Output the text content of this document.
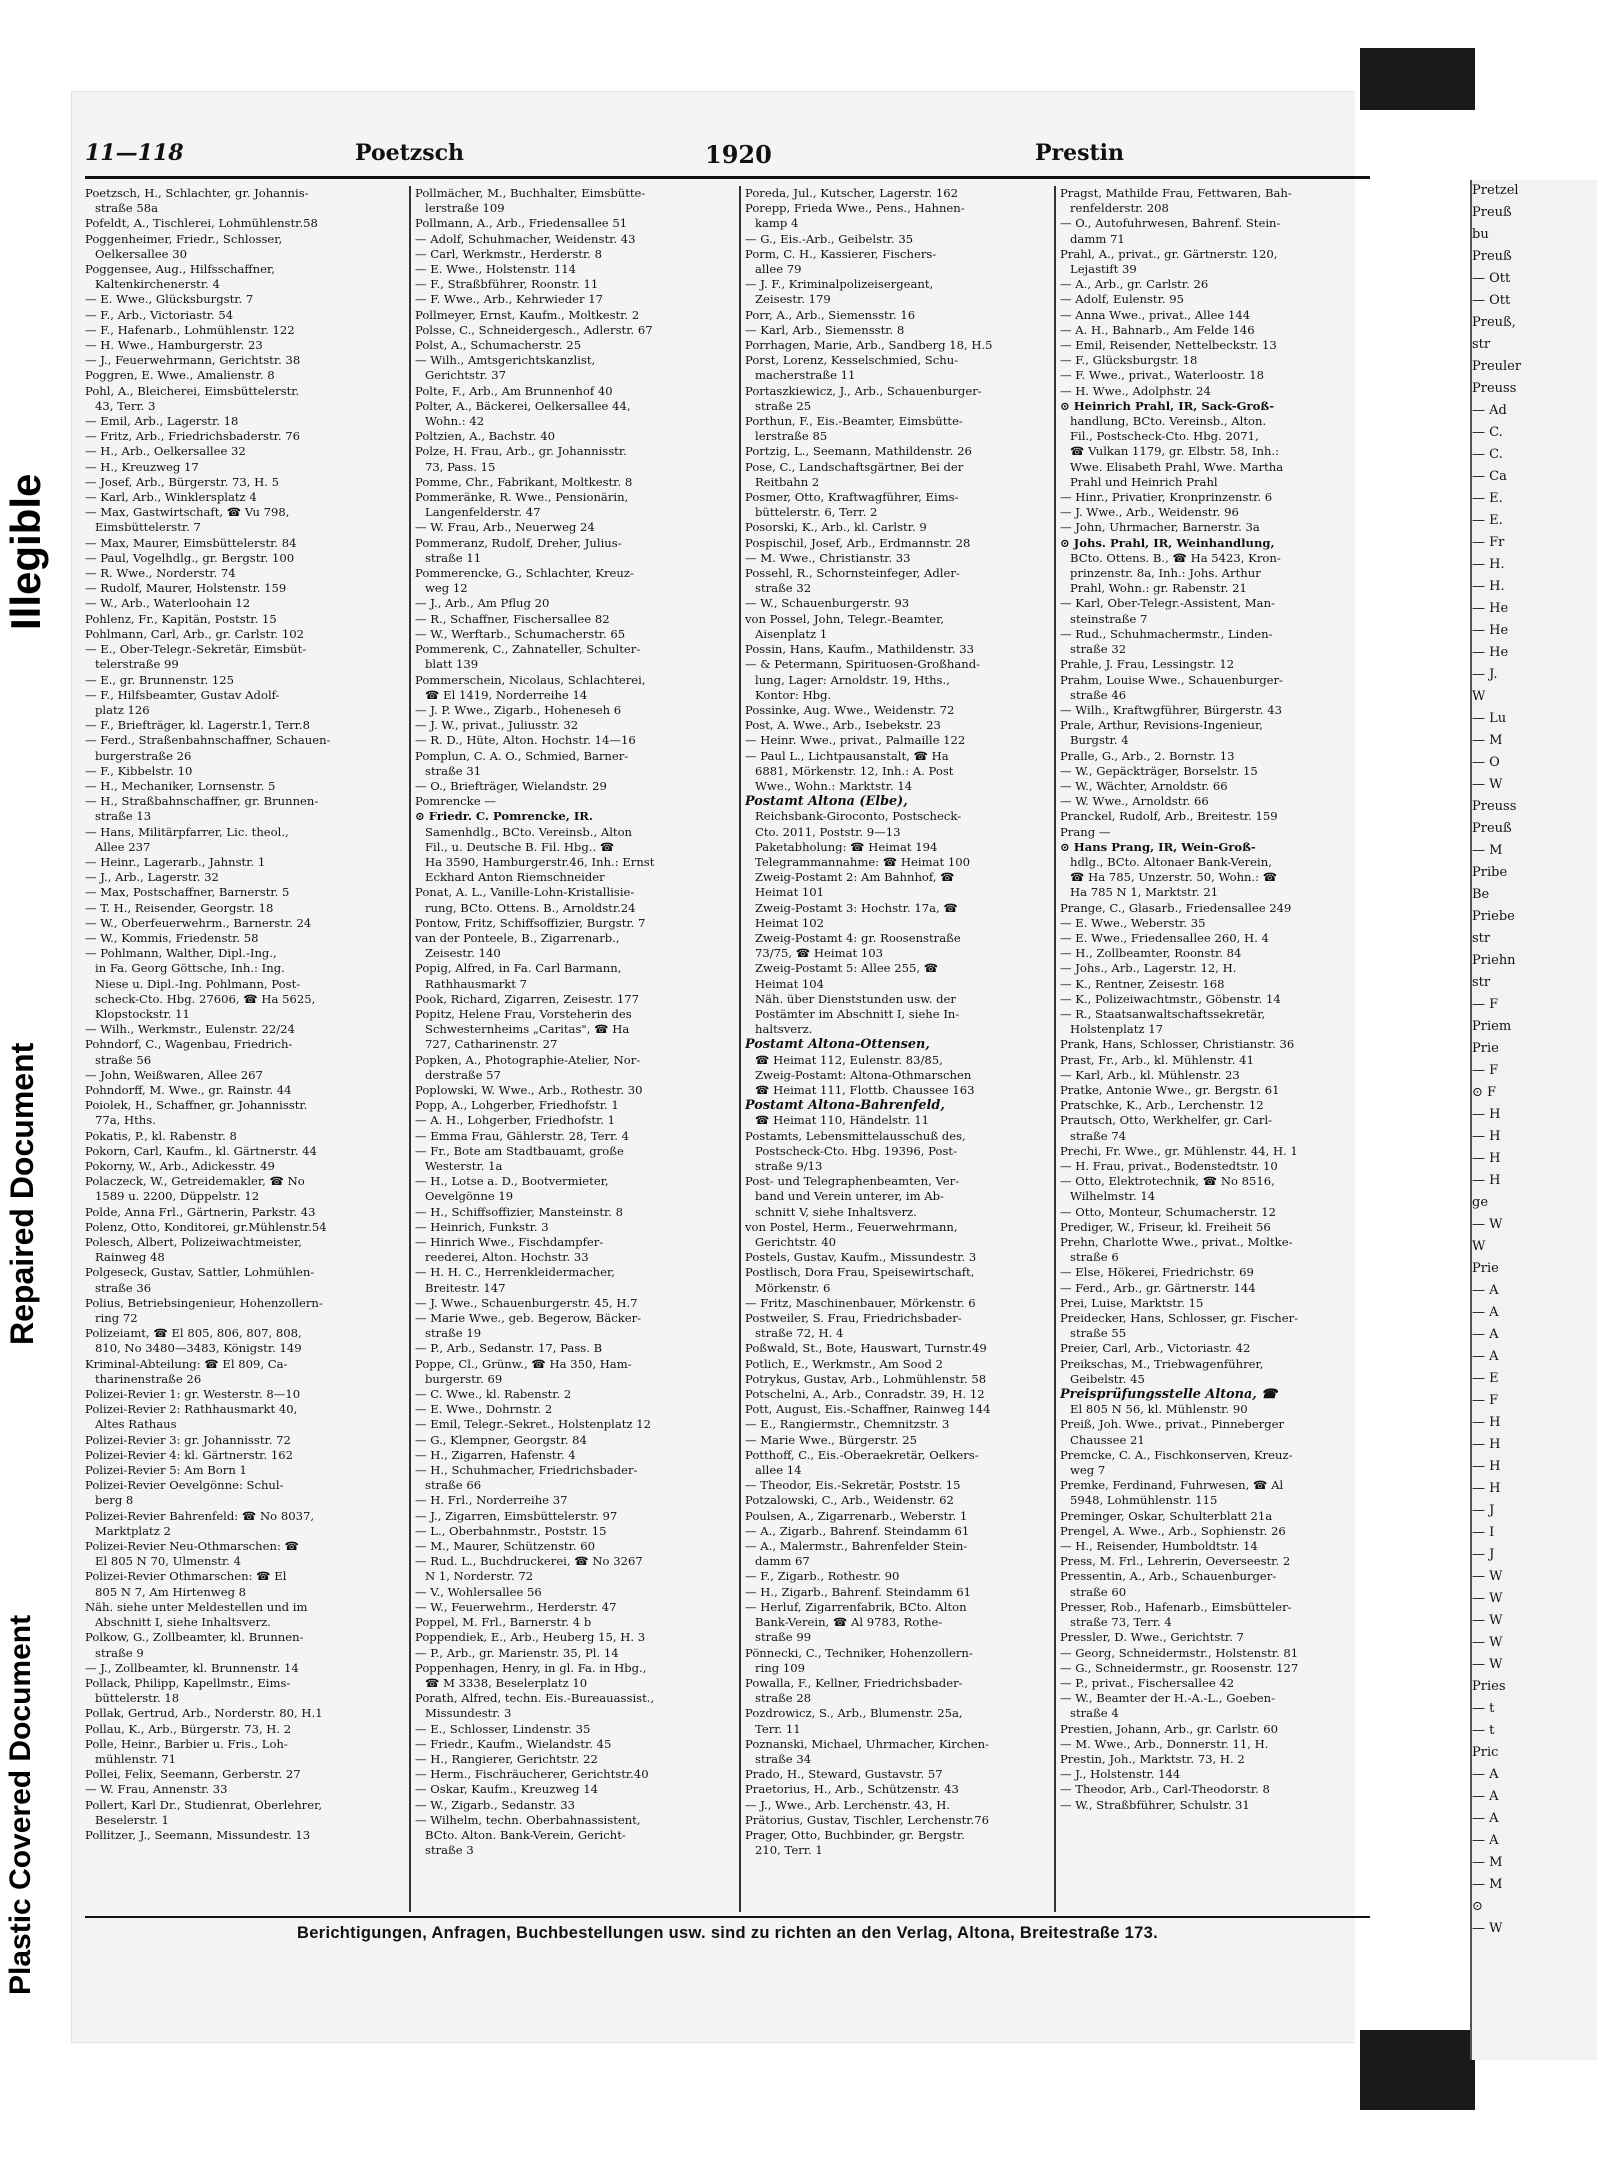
Plastic Covered Document
Repaired Document
Illegible
Pretzel
Preuß
bu
Preuß
— Ott
— Ott
Preuß,
str
Preuler
Preuss
— Ad
— C.
— C.
— Ca
— E.
— E.
— Fr
— H.
— H.
— He
— He
— He
— J.
W
— Lu
— M
— O
— W
Preuss
Preuß
— M
Pribe
Be
Priebe
str
Priehn
str
— F
Priem
Prie
— F
⊙ F
— H
— H
— H
— H
ge
— W
W
Prie
— A
— A
— A
— A
— E
— F
— H
— H
— H
— H
— J
— I
— J
— W
— W
— W
— W
— W
Pries
— t
— t
Pric
— A
— A
— A
— A
— M
— M
⊙
— W
11—118	Poetzsch	1920	Prestin
Poetzsch, H., Schlachter, gr. Johannis-
straße 58a
Pofeldt, A., Tischlerei, Lohmühlenstr.58
Poggenheimer, Friedr., Schlosser,
Oelkersallee 30
Poggensee, Aug., Hilfsschaffner,
Kaltenkirchenerstr. 4
— E. Wwe., Glücksburgstr. 7
— F., Arb., Victoriastr. 54
— F., Hafenarb., Lohmühlenstr. 122
— H. Wwe., Hamburgerstr. 23
— J., Feuerwehrmann, Gerichtstr. 38
Poggren, E. Wwe., Amalienstr. 8
Pohl, A., Bleicherei, Eimsbüttelerstr.
43, Terr. 3
— Emil, Arb., Lagerstr. 18
— Fritz, Arb., Friedrichsbaderstr. 76
— H., Arb., Oelkersallee 32
— H., Kreuzweg 17
— Josef, Arb., Bürgerstr. 73, H. 5
— Karl, Arb., Winklersplatz 4
— Max, Gastwirtschaft, ☎ Vu 798,
Eimsbüttelerstr. 7
— Max, Maurer, Eimsbüttelerstr. 84
— Paul, Vogelhdlg., gr. Bergstr. 100
— R. Wwe., Norderstr. 74
— Rudolf, Maurer, Holstenstr. 159
— W., Arb., Waterloohain 12
Pohlenz, Fr., Kapitän, Poststr. 15
Pohlmann, Carl, Arb., gr. Carlstr. 102
— E., Ober-Telegr.-Sekretär, Eimsbüt-
telerstraße 99
— E., gr. Brunnenstr. 125
— F., Hilfsbeamter, Gustav Adolf-
platz 126
— F., Briefträger, kl. Lagerstr.1, Terr.8
— Ferd., Straßenbahnschaffner, Schauen-
burgerstraße 26
— F., Kibbelstr. 10
— H., Mechaniker, Lornsenstr. 5
— H., Straßbahnschaffner, gr. Brunnen-
straße 13
— Hans, Militärpfarrer, Lic. theol.,
Allee 237
— Heinr., Lagerarb., Jahnstr. 1
— J., Arb., Lagerstr. 32
— Max, Postschaffner, Barnerstr. 5
— T. H., Reisender, Georgstr. 18
— W., Oberfeuerwehrm., Barnerstr. 24
— W., Kommis, Friedenstr. 58
— Pohlmann, Walther, Dipl.-Ing.,
in Fa. Georg Göttsche, Inh.: Ing.
Niese u. Dipl.-Ing. Pohlmann, Post-
scheck-Cto. Hbg. 27606, ☎ Ha 5625,
Klopstockstr. 11
— Wilh., Werkmstr., Eulenstr. 22/24
Pohndorf, C., Wagenbau, Friedrich-
straße 56
— John, Weißwaren, Allee 267
Pohndorff, M. Wwe., gr. Rainstr. 44
Poiolek, H., Schaffner, gr. Johannisstr.
77a, Hths.
Pokatis, P., kl. Rabenstr. 8
Pokorn, Carl, Kaufm., kl. Gärtnerstr. 44
Pokorny, W., Arb., Adickesstr. 49
Polaczeck, W., Getreidemakler, ☎ No
1589 u. 2200, Düppelstr. 12
Polde, Anna Frl., Gärtnerin, Parkstr. 43
Polenz, Otto, Konditorei, gr.Mühlenstr.54
Polesch, Albert, Polizeiwachtmeister,
Rainweg 48
Polgeseck, Gustav, Sattler, Lohmühlen-
straße 36
Polius, Betriebsingenieur, Hohenzollern-
ring 72
Polizeiamt, ☎ El 805, 806, 807, 808,
810, No 3480—3483, Königstr. 149
Kriminal-Abteilung: ☎ El 809, Ca-
tharinenstraße 26
Polizei-Revier 1: gr. Westerstr. 8—10
Polizei-Revier 2: Rathhausmarkt 40,
Altes Rathaus
Polizei-Revier 3: gr. Johannisstr. 72
Polizei-Revier 4: kl. Gärtnerstr. 162
Polizei-Revier 5: Am Born 1
Polizei-Revier Oevelgönne: Schul-
berg 8
Polizei-Revier Bahrenfeld: ☎ No 8037,
Marktplatz 2
Polizei-Revier Neu-Othmarschen: ☎
El 805 N 70, Ulmenstr. 4
Polizei-Revier Othmarschen: ☎ El
805 N 7, Am Hirtenweg 8
Näh. siehe unter Meldestellen und im
Abschnitt I, siehe Inhaltsverz.
Polkow, G., Zollbeamter, kl. Brunnen-
straße 9
— J., Zollbeamter, kl. Brunnenstr. 14
Pollack, Philipp, Kapellmstr., Eims-
büttelerstr. 18
Pollak, Gertrud, Arb., Norderstr. 80, H.1
Pollau, K., Arb., Bürgerstr. 73, H. 2
Polle, Heinr., Barbier u. Fris., Loh-
mühlenstr. 71
Pollei, Felix, Seemann, Gerberstr. 27
— W. Frau, Annenstr. 33
Pollert, Karl Dr., Studienrat, Oberlehrer,
Beselerstr. 1
Pollitzer, J., Seemann, Missundestr. 13
Pollmächer, M., Buchhalter, Eimsbütte-
lerstraße 109
Pollmann, A., Arb., Friedensallee 51
— Adolf, Schuhmacher, Weidenstr. 43
— Carl, Werkmstr., Herderstr. 8
— E. Wwe., Holstenstr. 114
— F., Straßbführer, Roonstr. 11
— F. Wwe., Arb., Kehrwieder 17
Pollmeyer, Ernst, Kaufm., Moltkestr. 2
Polsse, C., Schneidergesch., Adlerstr. 67
Polst, A., Schumacherstr. 25
— Wilh., Amtsgerichtskanzlist,
Gerichtstr. 37
Polte, F., Arb., Am Brunnenhof 40
Polter, A., Bäckerei, Oelkersallee 44,
Wohn.: 42
Poltzien, A., Bachstr. 40
Polze, H. Frau, Arb., gr. Johannisstr.
73, Pass. 15
Pomme, Chr., Fabrikant, Moltkestr. 8
Pommeränke, R. Wwe., Pensionärin,
Langenfelderstr. 47
— W. Frau, Arb., Neuerweg 24
Pommeranz, Rudolf, Dreher, Julius-
straße 11
Pommerencke, G., Schlachter, Kreuz-
weg 12
— J., Arb., Am Pflug 20
— R., Schaffner, Fischersallee 82
— W., Werftarb., Schumacherstr. 65
Pommerenk, C., Zahnateller, Schulter-
blatt 139
Pommerschein, Nicolaus, Schlachterei,
☎ El 1419, Norderreihe 14
— J. P. Wwe., Zigarb., Hoheneseh 6
— J. W., privat., Juliusstr. 32
— R. D., Hüte, Alton. Hochstr. 14—16
Pomplun, C. A. O., Schmied, Barner-
straße 31
— O., Briefträger, Wielandstr. 29
Pomrencke —
⊙ Friedr. C. Pomrencke, IR.
Samenhdlg., BCto. Vereinsb., Alton
Fil., u. Deutsche B. Fil. Hbg.. ☎
Ha 3590, Hamburgerstr.46, Inh.: Ernst
Eckhard Anton Riemschneider
Ponat, A. L., Vanille-Lohn-Kristallisie-
rung, BCto. Ottens. B., Arnoldstr.24
Pontow, Fritz, Schiffsoffizier, Burgstr. 7
van der Ponteele, B., Zigarrenarb.,
Zeisestr. 140
Popig, Alfred, in Fa. Carl Barmann,
Rathhausmarkt 7
Pook, Richard, Zigarren, Zeisestr. 177
Popitz, Helene Frau, Vorsteherin des
Schwesternheims „Caritas", ☎ Ha
727, Catharinenstr. 27
Popken, A., Photographie-Atelier, Nor-
derstraße 57
Poplowski, W. Wwe., Arb., Rothestr. 30
Popp, A., Lohgerber, Friedhofstr. 1
— A. H., Lohgerber, Friedhofstr. 1
— Emma Frau, Gählerstr. 28, Terr. 4
— Fr., Bote am Stadtbauamt, große
Westerstr. 1a
— H., Lotse a. D., Bootvermieter,
Oevelgönne 19
— H., Schiffsoffizier, Mansteinstr. 8
— Heinrich, Funkstr. 3
— Hinrich Wwe., Fischdampfer-
reederei, Alton. Hochstr. 33
— H. H. C., Herrenkleidermacher,
Breitestr. 147
— J. Wwe., Schauenburgerstr. 45, H.7
— Marie Wwe., geb. Begerow, Bäcker-
straße 19
— P., Arb., Sedanstr. 17, Pass. B
Poppe, Cl., Grünw., ☎ Ha 350, Ham-
burgerstr. 69
— C. Wwe., kl. Rabenstr. 2
— E. Wwe., Dohrnstr. 2
— Emil, Telegr.-Sekret., Holstenplatz 12
— G., Klempner, Georgstr. 84
— H., Zigarren, Hafenstr. 4
— H., Schuhmacher, Friedrichsbader-
straße 66
— H. Frl., Norderreihe 37
— J., Zigarren, Eimsbüttelerstr. 97
— L., Oberbahnmstr., Poststr. 15
— M., Maurer, Schützenstr. 60
— Rud. L., Buchdruckerei, ☎ No 3267
N 1, Norderstr. 72
— V., Wohlersallee 56
— W., Feuerwehrm., Herderstr. 47
Poppel, M. Frl., Barnerstr. 4 b
Poppendiek, E., Arb., Heuberg 15, H. 3
— P., Arb., gr. Marienstr. 35, Pl. 14
Poppenhagen, Henry, in gl. Fa. in Hbg.,
☎ M 3338, Beselerplatz 10
Porath, Alfred, techn. Eis.-Bureauassist.,
Missundestr. 3
— E., Schlosser, Lindenstr. 35
— Friedr., Kaufm., Wielandstr. 45
— H., Rangierer, Gerichtstr. 22
— Herm., Fischräucherer, Gerichtstr.40
— Oskar, Kaufm., Kreuzweg 14
— W., Zigarb., Sedanstr. 33
— Wilhelm, techn. Oberbahnassistent,
BCto. Alton. Bank-Verein, Gericht-
straße 3
Poreda, Jul., Kutscher, Lagerstr. 162
Porepp, Frieda Wwe., Pens., Hahnen-
kamp 4
— G., Eis.-Arb., Geibelstr. 35
Porm, C. H., Kassierer, Fischers-
allee 79
— J. F., Kriminalpolizeisergeant,
Zeisestr. 179
Porr, A., Arb., Siemensstr. 16
— Karl, Arb., Siemensstr. 8
Porrhagen, Marie, Arb., Sandberg 18, H.5
Porst, Lorenz, Kesselschmied, Schu-
macherstraße 11
Portaszkiewicz, J., Arb., Schauenburger-
straße 25
Porthun, F., Eis.-Beamter, Eimsbütte-
lerstraße 85
Portzig, L., Seemann, Mathildenstr. 26
Pose, C., Landschaftsgärtner, Bei der
Reitbahn 2
Posmer, Otto, Kraftwagführer, Eims-
büttelerstr. 6, Terr. 2
Posorski, K., Arb., kl. Carlstr. 9
Pospischil, Josef, Arb., Erdmannstr. 28
— M. Wwe., Christianstr. 33
Possehl, R., Schornsteinfeger, Adler-
straße 32
— W., Schauenburgerstr. 93
von Possel, John, Telegr.-Beamter,
Aisenplatz 1
Possin, Hans, Kaufm., Mathildenstr. 33
— & Petermann, Spirituosen-Großhand-
lung, Lager: Arnoldstr. 19, Hths.,
Kontor: Hbg.
Possinke, Aug. Wwe., Weidenstr. 72
Post, A. Wwe., Arb., Isebekstr. 23
— Heinr. Wwe., privat., Palmaille 122
— Paul L., Lichtpausanstalt, ☎ Ha
6881, Mörkenstr. 12, Inh.: A. Post
Wwe., Wohn.: Marktstr. 14
Postamt Altona (Elbe),
Reichsbank-Giroconto, Postscheck-
Cto. 2011, Poststr. 9—13
Paketabholung: ☎ Heimat 194
Telegrammannahme: ☎ Heimat 100
Zweig-Postamt 2: Am Bahnhof, ☎
Heimat 101
Zweig-Postamt 3: Hochstr. 17a, ☎
Heimat 102
Zweig-Postamt 4: gr. Roosenstraße
73/75, ☎ Heimat 103
Zweig-Postamt 5: Allee 255, ☎
Heimat 104
Näh. über Dienststunden usw. der
Postämter im Abschnitt I, siehe In-
haltsverz.
Postamt Altona-Ottensen,
☎ Heimat 112, Eulenstr. 83/85,
Zweig-Postamt: Altona-Othmarschen
☎ Heimat 111, Flottb. Chaussee 163
Postamt Altona-Bahrenfeld,
☎ Heimat 110, Händelstr. 11
Postamts, Lebensmittelausschuß des,
Postscheck-Cto. Hbg. 19396, Post-
straße 9/13
Post- und Telegraphenbeamten, Ver-
band und Verein unterer, im Ab-
schnitt V, siehe Inhaltsverz.
von Postel, Herm., Feuerwehrmann,
Gerichtstr. 40
Postels, Gustav, Kaufm., Missundestr. 3
Postlisch, Dora Frau, Speisewirtschaft,
Mörkenstr. 6
— Fritz, Maschinenbauer, Mörkenstr. 6
Postweiler, S. Frau, Friedrichsbader-
straße 72, H. 4
Poßwald, St., Bote, Hauswart, Turnstr.49
Potlich, E., Werkmstr., Am Sood 2
Potrykus, Gustav, Arb., Lohmühlenstr. 58
Potschelni, A., Arb., Conradstr. 39, H. 12
Pott, August, Eis.-Schaffner, Rainweg 144
— E., Rangiermstr., Chemnitzstr. 3
— Marie Wwe., Bürgerstr. 25
Potthoff, C., Eis.-Oberaekretär, Oelkers-
allee 14
— Theodor, Eis.-Sekretär, Poststr. 15
Potzalowski, C., Arb., Weidenstr. 62
Poulsen, A., Zigarrenarb., Weberstr. 1
— A., Zigarb., Bahrenf. Steindamm 61
— A., Malermstr., Bahrenfelder Stein-
damm 67
— F., Zigarb., Rothestr. 90
— H., Zigarb., Bahrenf. Steindamm 61
— Herluf, Zigarrenfabrik, BCto. Alton
Bank-Verein, ☎ Al 9783, Rothe-
straße 99
Pönnecki, C., Techniker, Hohenzollern-
ring 109
Powalla, F., Kellner, Friedrichsbader-
straße 28
Pozdrowicz, S., Arb., Blumenstr. 25a,
Terr. 11
Poznanski, Michael, Uhrmacher, Kirchen-
straße 34
Prado, H., Steward, Gustavstr. 57
Praetorius, H., Arb., Schützenstr. 43
— J., Wwe., Arb. Lerchenstr. 43, H.
Prätorius, Gustav, Tischler, Lerchenstr.76
Prager, Otto, Buchbinder, gr. Bergstr.
210, Terr. 1
Pragst, Mathilde Frau, Fettwaren, Bah-
renfelderstr. 208
— O., Autofuhrwesen, Bahrenf. Stein-
damm 71
Prahl, A., privat., gr. Gärtnerstr. 120,
Lejastift 39
— A., Arb., gr. Carlstr. 26
— Adolf, Eulenstr. 95
— Anna Wwe., privat., Allee 144
— A. H., Bahnarb., Am Felde 146
— Emil, Reisender, Nettelbeckstr. 13
— F., Glücksburgstr. 18
— F. Wwe., privat., Waterloostr. 18
— H. Wwe., Adolphstr. 24
⊙ Heinrich Prahl, IR, Sack-Groß-
handlung, BCto. Vereinsb., Alton.
Fil., Postscheck-Cto. Hbg. 2071,
☎ Vulkan 1179, gr. Elbstr. 58, Inh.:
Wwe. Elisabeth Prahl, Wwe. Martha
Prahl und Heinrich Prahl
— Hinr., Privatier, Kronprinzenstr. 6
— J. Wwe., Arb., Weidenstr. 96
— John, Uhrmacher, Barnerstr. 3a
⊙ Johs. Prahl, IR, Weinhandlung,
BCto. Ottens. B., ☎ Ha 5423, Kron-
prinzenstr. 8a, Inh.: Johs. Arthur
Prahl, Wohn.: gr. Rabenstr. 21
— Karl, Ober-Telegr.-Assistent, Man-
steinstraße 7
— Rud., Schuhmachermstr., Linden-
straße 32
Prahle, J. Frau, Lessingstr. 12
Prahm, Louise Wwe., Schauenburger-
straße 46
— Wilh., Kraftwgführer, Bürgerstr. 43
Prale, Arthur, Revisions-Ingenieur,
Burgstr. 4
Pralle, G., Arb., 2. Bornstr. 13
— W., Gepäckträger, Borselstr. 15
— W., Wächter, Arnoldstr. 66
— W. Wwe., Arnoldstr. 66
Pranckel, Rudolf, Arb., Breitestr. 159
Prang —
⊙ Hans Prang, IR, Wein-Groß-
hdlg., BCto. Altonaer Bank-Verein,
☎ Ha 785, Unzerstr. 50, Wohn.: ☎
Ha 785 N 1, Marktstr. 21
Prange, C., Glasarb., Friedensallee 249
— E. Wwe., Weberstr. 35
— E. Wwe., Friedensallee 260, H. 4
— H., Zollbeamter, Roonstr. 84
— Johs., Arb., Lagerstr. 12, H.
— K., Rentner, Zeisestr. 168
— K., Polizeiwachtmstr., Göbenstr. 14
— R., Staatsanwaltschaftssekretär,
Holstenplatz 17
Prank, Hans, Schlosser, Christianstr. 36
Prast, Fr., Arb., kl. Mühlenstr. 41
— Karl, Arb., kl. Mühlenstr. 23
Pratke, Antonie Wwe., gr. Bergstr. 61
Pratschke, K., Arb., Lerchenstr. 12
Prautsch, Otto, Werkhelfer, gr. Carl-
straße 74
Prechi, Fr. Wwe., gr. Mühlenstr. 44, H. 1
— H. Frau, privat., Bodenstedtstr. 10
— Otto, Elektrotechnik, ☎ No 8516,
Wilhelmstr. 14
— Otto, Monteur, Schumacherstr. 12
Prediger, W., Friseur, kl. Freiheit 56
Prehn, Charlotte Wwe., privat., Moltke-
straße 6
— Else, Hökerei, Friedrichstr. 69
— Ferd., Arb., gr. Gärtnerstr. 144
Prei, Luise, Marktstr. 15
Preidecker, Hans, Schlosser, gr. Fischer-
straße 55
Preier, Carl, Arb., Victoriastr. 42
Preikschas, M., Triebwagenführer,
Geibelstr. 45
Preisprüfungsstelle Altona, ☎
El 805 N 56, kl. Mühlenstr. 90
Preiß, Joh. Wwe., privat., Pinneberger
Chaussee 21
Premcke, C. A., Fischkonserven, Kreuz-
weg 7
Premke, Ferdinand, Fuhrwesen, ☎ Al
5948, Lohmühlenstr. 115
Preminger, Oskar, Schulterblatt 21a
Prengel, A. Wwe., Arb., Sophienstr. 26
— H., Reisender, Humboldtstr. 14
Press, M. Frl., Lehrerin, Oeverseestr. 2
Pressentin, A., Arb., Schauenburger-
straße 60
Presser, Rob., Hafenarb., Eimsbütteler-
straße 73, Terr. 4
Pressler, D. Wwe., Gerichtstr. 7
— Georg, Schneidermstr., Holstenstr. 81
— G., Schneidermstr., gr. Roosenstr. 127
— P., privat., Fischersallee 42
— W., Beamter der H.-A.-L., Goeben-
straße 4
Prestien, Johann, Arb., gr. Carlstr. 60
— M. Wwe., Arb., Donnerstr. 11, H.
Prestin, Joh., Marktstr. 73, H. 2
— J., Holstenstr. 144
— Theodor, Arb., Carl-Theodorstr. 8
— W., Straßbführer, Schulstr. 31
Berichtigungen, Anfragen, Buchbestellungen usw. sind zu richten an den Verlag, Altona, Breitestraße 173.
